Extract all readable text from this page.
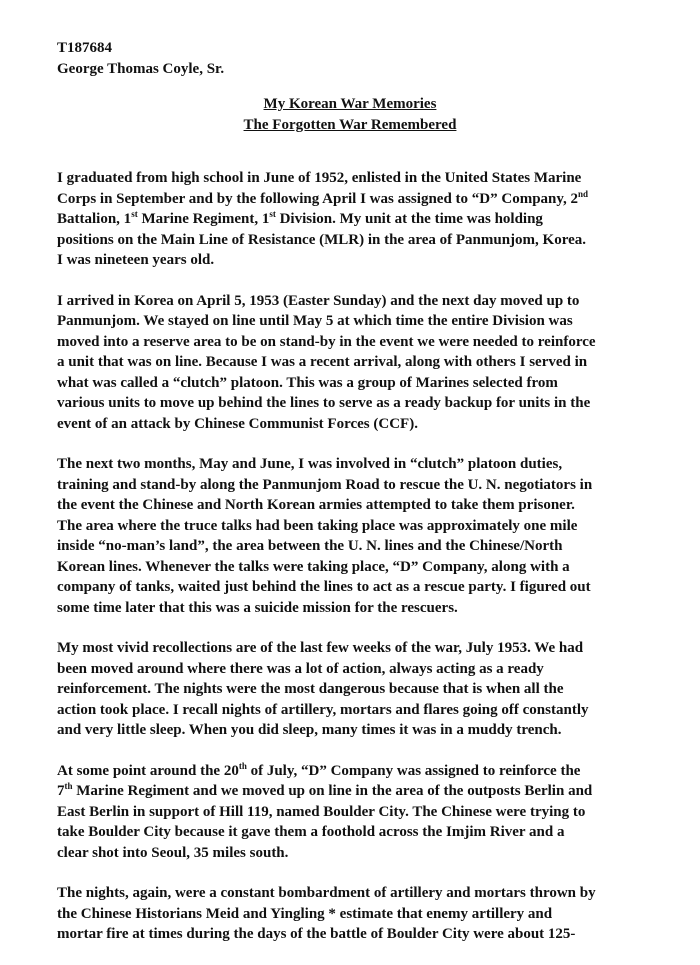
T187684
George Thomas Coyle, Sr.
My Korean War Memories
The Forgotten War Remembered
I graduated from high school in June of 1952, enlisted in the United States Marine
Corps in September and by the following April I was assigned to “D” Company, 2nd
Battalion, 1st Marine Regiment, 1st Division. My unit at the time was holding
positions on the Main Line of Resistance (MLR) in the area of Panmunjom, Korea.
I was nineteen years old.
I arrived in Korea on April 5, 1953 (Easter Sunday) and the next day moved up to
Panmunjom. We stayed on line until May 5 at which time the entire Division was
moved into a reserve area to be on stand-by in the event we were needed to reinforce
a unit that was on line. Because I was a recent arrival, along with others I served in
what was called a “clutch” platoon. This was a group of Marines selected from
various units to move up behind the lines to serve as a ready backup for units in the
event of an attack by Chinese Communist Forces (CCF).
The next two months, May and June, I was involved in “clutch” platoon duties,
training and stand-by along the Panmunjom Road to rescue the U. N. negotiators in
the event the Chinese and North Korean armies attempted to take them prisoner.
The area where the truce talks had been taking place was approximately one mile
inside “no-man’s land”, the area between the U. N. lines and the Chinese/North
Korean lines. Whenever the talks were taking place, “D” Company, along with a
company of tanks, waited just behind the lines to act as a rescue party. I figured out
some time later that this was a suicide mission for the rescuers.
My most vivid recollections are of the last few weeks of the war, July 1953. We had
been moved around where there was a lot of action, always acting as a ready
reinforcement. The nights were the most dangerous because that is when all the
action took place. I recall nights of artillery, mortars and flares going off constantly
and very little sleep. When you did sleep, many times it was in a muddy trench.
At some point around the 20th of July, “D” Company was assigned to reinforce the
7th Marine Regiment and we moved up on line in the area of the outposts Berlin and
East Berlin in support of Hill 119, named Boulder City. The Chinese were trying to
take Boulder City because it gave them a foothold across the Imjim River and a
clear shot into Seoul, 35 miles south.
The nights, again, were a constant bombardment of artillery and mortars thrown by
the Chinese Historians Meid and Yingling * estimate that enemy artillery and
mortar fire at times during the days of the battle of Boulder City were about 125-
